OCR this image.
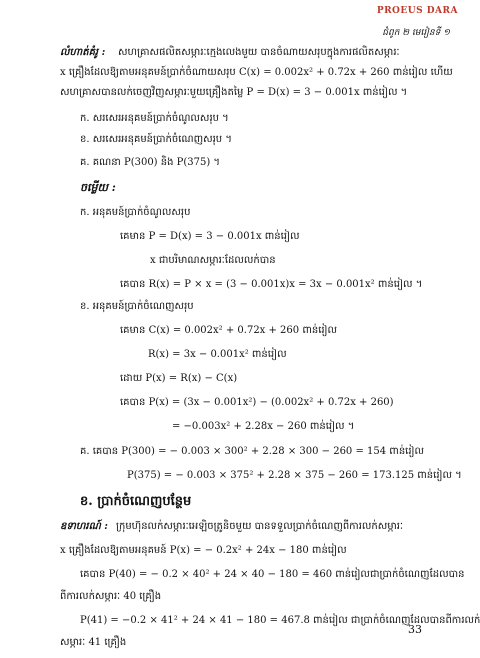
PROEUS DARA
ជំពូក ២ មេរៀនទី ១
លំហាត់គំរូ : សហគ្រាសផលិតសម្ភារៈក្មេងលេងមួយ បានចំណាយសរុបក្នុងការផលិតសម្ភារៈ
x គ្រឿងដែលឱ្យតាមអនុគមន៍ប្រាក់ចំណាយសរុប C(x) = 0.002x² + 0.72x + 260 ពាន់រៀល ហើយ
សហគ្រាសបានលក់ចេញវិញសម្ភារៈមួយគ្រឿងតម្លៃ P = D(x) = 3 − 0.001x ពាន់រៀល ។
ក. សរសេរអនុគមន៍ប្រាក់ចំណូលសរុប ។
ខ. សរសេរអនុគមន៍ប្រាក់ចំណេញសរុប ។
គ. គណនា P(300) និង P(375) ។
ចម្លើយ :
ក. អនុគមន៍ប្រាក់ចំណូលសរុប
គេមាន P = D(x) = 3 − 0.001x ពាន់រៀល
x ជាបរិមាណសម្ភារៈដែលលក់បាន
គេបាន R(x) = P × x = (3 − 0.001x)x = 3x − 0.001x² ពាន់រៀល ។
ខ. អនុគមន៍ប្រាក់ចំណេញសរុប
គេមាន C(x) = 0.002x² + 0.72x + 260 ពាន់រៀល
R(x) = 3x − 0.001x² ពាន់រៀល
ដោយ P(x) = R(x) − C(x)
គេបាន P(x) = (3x − 0.001x²) − (0.002x² + 0.72x + 260)
= −0.003x² + 2.28x − 260 ពាន់រៀល ។
គ. គេបាន P(300) = − 0.003 × 300² + 2.28 × 300 − 260 = 154 ពាន់រៀល
P(375) = − 0.003 × 375² + 2.28 × 375 − 260 = 173.125 ពាន់រៀល ។
ខ. ប្រាក់ចំណេញបន្ថែម
ឧទាហរណ៍ : ក្រុមហ៊ុនលក់សម្ភារៈអេឡិចត្រូនិចមួយ បានទទួលប្រាក់ចំណេញពីការលក់សម្ភារៈ
x គ្រឿងដែលឱ្យតាមអនុគមន៍ P(x) = − 0.2x² + 24x − 180 ពាន់រៀល
គេបាន P(40) = − 0.2 × 40² + 24 × 40 − 180 = 460 ពាន់រៀលជាប្រាក់ចំណេញដែលបាន
ពីការលក់សម្ភារៈ 40 គ្រឿង
P(41) = −0.2 × 41² + 24 × 41 − 180 = 467.8 ពាន់រៀល ជាប្រាក់ចំណេញដែលបានពីការលក់
សម្ភារៈ 41 គ្រឿង
33
